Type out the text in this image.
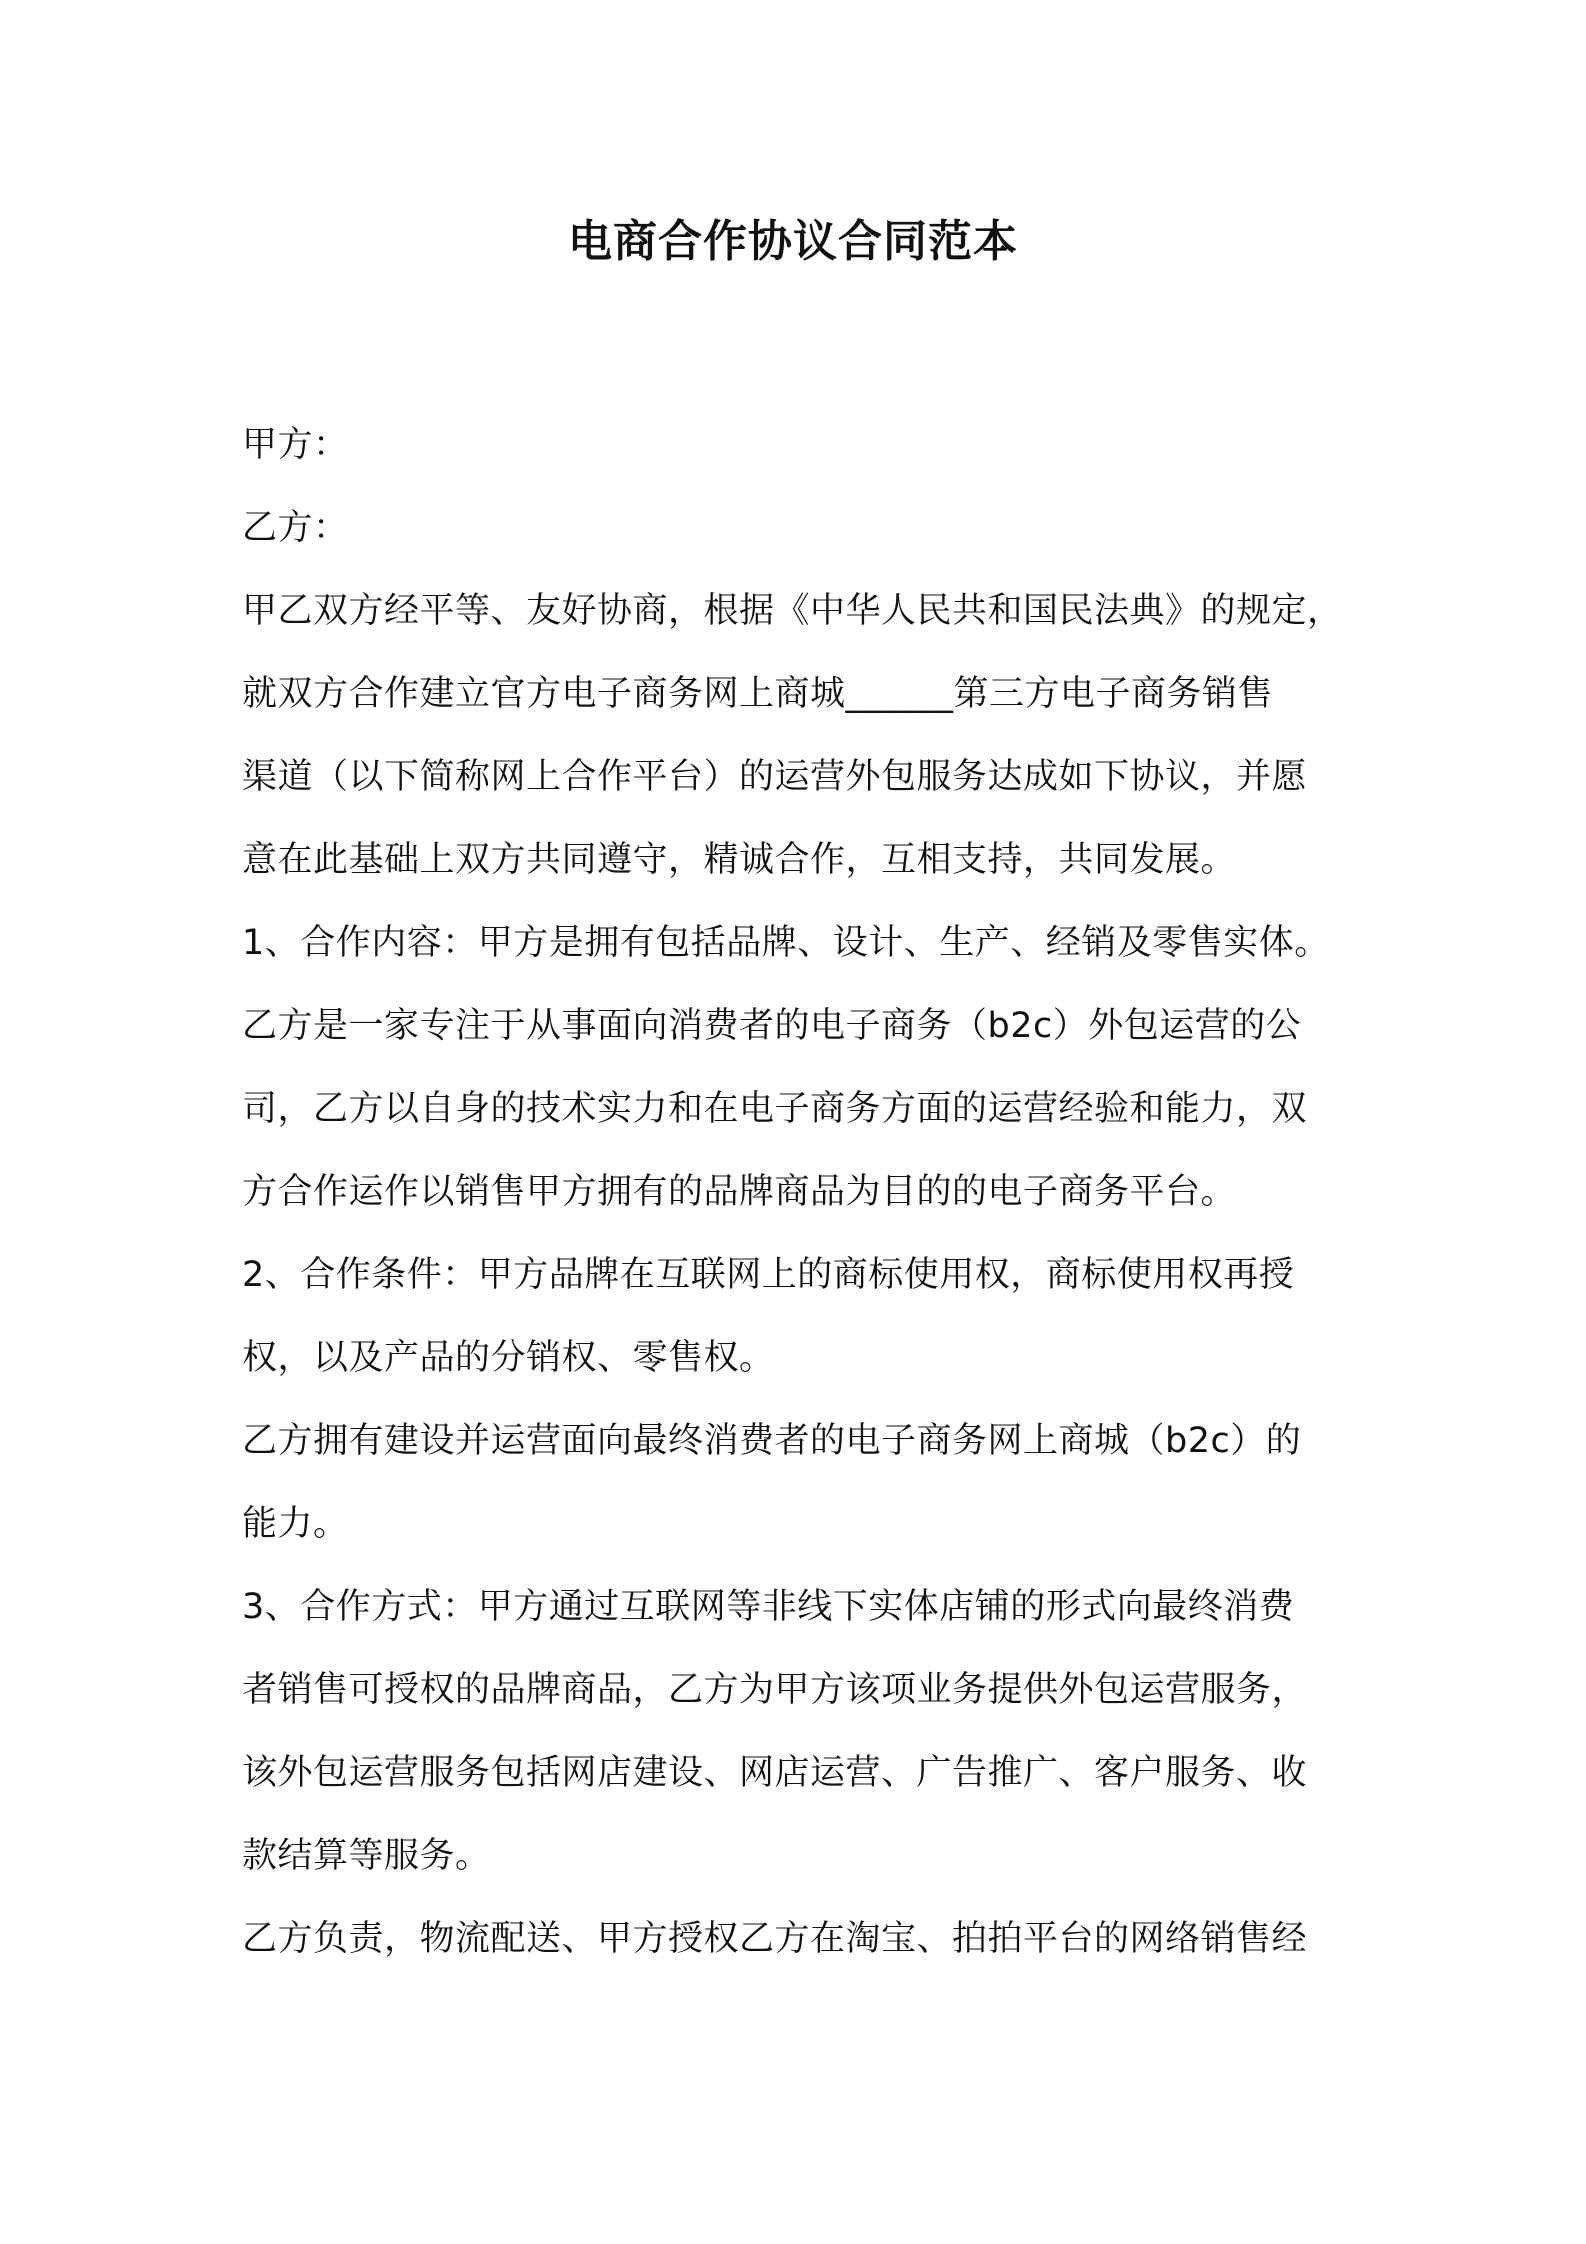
电商合作协议合同范本
甲方：
乙方：
甲乙双方经平等、友好协商，根据《中华人民共和国民法典》的规定，
就双方合作建立官方电子商务网上商城______第三方电子商务销售
渠道（以下简称网上合作平台）的运营外包服务达成如下协议，并愿
意在此基础上双方共同遵守，精诚合作，互相支持，共同发展。
1、合作内容：甲方是拥有包括品牌、设计、生产、经销及零售实体。
乙方是一家专注于从事面向消费者的电子商务（b2c）外包运营的公
司，乙方以自身的技术实力和在电子商务方面的运营经验和能力，双
方合作运作以销售甲方拥有的品牌商品为目的的电子商务平台。
2、合作条件：甲方品牌在互联网上的商标使用权，商标使用权再授
权，以及产品的分销权、零售权。
乙方拥有建设并运营面向最终消费者的电子商务网上商城（b2c）的
能力。
3、合作方式：甲方通过互联网等非线下实体店铺的形式向最终消费
者销售可授权的品牌商品，乙方为甲方该项业务提供外包运营服务，
该外包运营服务包括网店建设、网店运营、广告推广、客户服务、收
款结算等服务。
乙方负责，物流配送、甲方授权乙方在淘宝、拍拍平台的网络销售经
